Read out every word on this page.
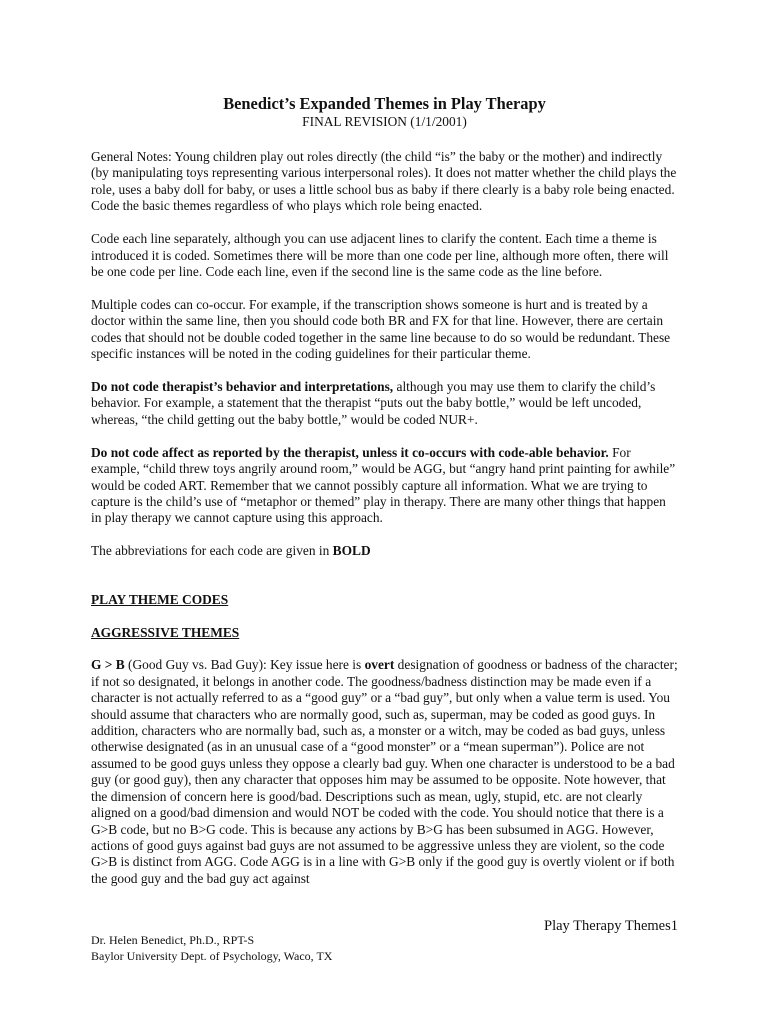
Benedict’s Expanded Themes in Play Therapy
FINAL REVISION (1/1/2001)

General Notes: Young children play out roles directly (the child “is” the baby or the mother) and indirectly (by manipulating toys representing various interpersonal roles). It does not matter whether the child plays the role, uses a baby doll for baby, or uses a little school bus as baby if there clearly is a baby role being enacted. Code the basic themes regardless of who plays which role being enacted.

Code each line separately, although you can use adjacent lines to clarify the content. Each time a theme is introduced it is coded. Sometimes there will be more than one code per line, although more often, there will be one code per line. Code each line, even if the second line is the same code as the line before.

Multiple codes can co-occur. For example, if the transcription shows someone is hurt and is treated by a doctor within the same line, then you should code both BR and FX for that line. However, there are certain codes that should not be double coded together in the same line because to do so would be redundant. These specific instances will be noted in the coding guidelines for their particular theme.

Do not code therapist’s behavior and interpretations, although you may use them to clarify the child’s behavior. For example, a statement that the therapist “puts out the baby bottle,” would be left uncoded, whereas, “the child getting out the baby bottle,” would be coded NUR+.

Do not code affect as reported by the therapist, unless it co-occurs with code-able behavior. For example, “child threw toys angrily around room,” would be AGG, but “angry hand print painting for awhile” would be coded ART. Remember that we cannot possibly capture all information. What we are trying to capture is the child’s use of “metaphor or themed” play in therapy. There are many other things that happen in play therapy we cannot capture using this approach.

The abbreviations for each code are given in BOLD

PLAY THEME CODES
AGGRESSIVE THEMES

G > B (Good Guy vs. Bad Guy): Key issue here is overt designation of goodness or badness of the character; if not so designated, it belongs in another code. The goodness/badness distinction may be made even if a character is not actually referred to as a “good guy” or a “bad guy”, but only when a value term is used. You should assume that characters who are normally good, such as, superman, may be coded as good guys. In addition, characters who are normally bad, such as, a monster or a witch, may be coded as bad guys, unless otherwise designated (as in an unusual case of a “good monster” or a “mean superman”). Police are not assumed to be good guys unless they oppose a clearly bad guy. When one character is understood to be a bad guy (or good guy), then any character that opposes him may be assumed to be opposite. Note however, that the dimension of concern here is good/bad. Descriptions such as mean, ugly, stupid, etc. are not clearly aligned on a good/bad dimension and would NOT be coded with the code. You should notice that there is a G>B code, but no B>G code. This is because any actions by B>G has been subsumed in AGG. However, actions of good guys against bad guys are not assumed to be aggressive unless they are violent, so the code G>B is distinct from AGG. Code AGG is in a line with G>B only if the good guy is overtly violent or if both the good guy and the bad guy act against

Play Therapy Themes1
Dr. Helen Benedict, Ph.D., RPT-S
Baylor University Dept. of Psychology, Waco, TX
